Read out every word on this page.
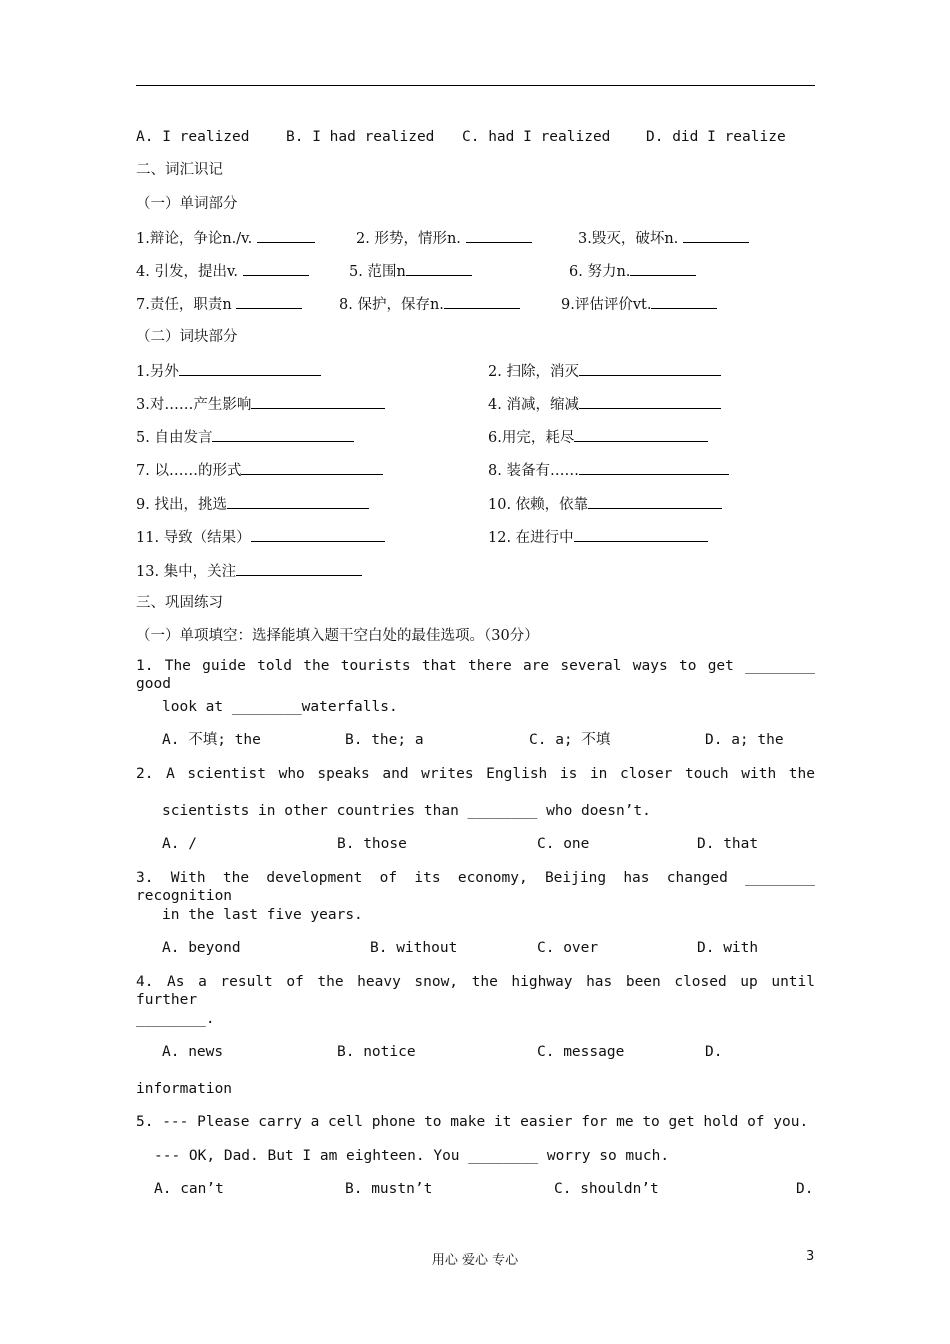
A. I realized	B. I had realized C. had I realized D. did I realize
二、词汇识记
（一）单词部分
1.辩论，争论n./v.	2. 形势，情形n.	3.毁灭，破坏n.
4. 引发，提出v.	5. 范围n	6. 努力n.
7.责任，职责n	8. 保护，保存n.	9.评估评价vt.
（二）词块部分
1.另外	2. 扫除，消灭
3.对……产生影响	4. 消减，缩减
5. 自由发言	6.用完，耗尽
7. 以……的形式	8. 装备有……
9. 找出，挑选	10. 依赖，依靠
11. 导致（结果）	12. 在进行中
13. 集中，关注
三、巩固练习
（一）单项填空：选择能填入题干空白处的最佳选项。（30分）
1. The guide told the tourists that there are several ways to get ________ good
look at ________waterfalls.
A. 不填; the	B. the; a	C. a; 不填	D. a; the
2. A scientist who speaks and writes English is in closer touch with the
scientists in other countries than ________ who doesn’t.
A. /	B. those	C. one	D. that
3. With the development of its economy, Beijing has changed ________ recognition
in the last five years.
A. beyond	B. without	C. over	D. with
4. As a result of the heavy snow, the highway has been closed up until further
________.
A. news	B. notice	C. message	D.
information
5. --- Please carry a cell phone to make it easier for me to get hold of you.
--- OK, Dad. But I am eighteen. You ________ worry so much.
A. can’t	B. mustn’t	C. shouldn’t	D.
用心 爱心 专心	3
